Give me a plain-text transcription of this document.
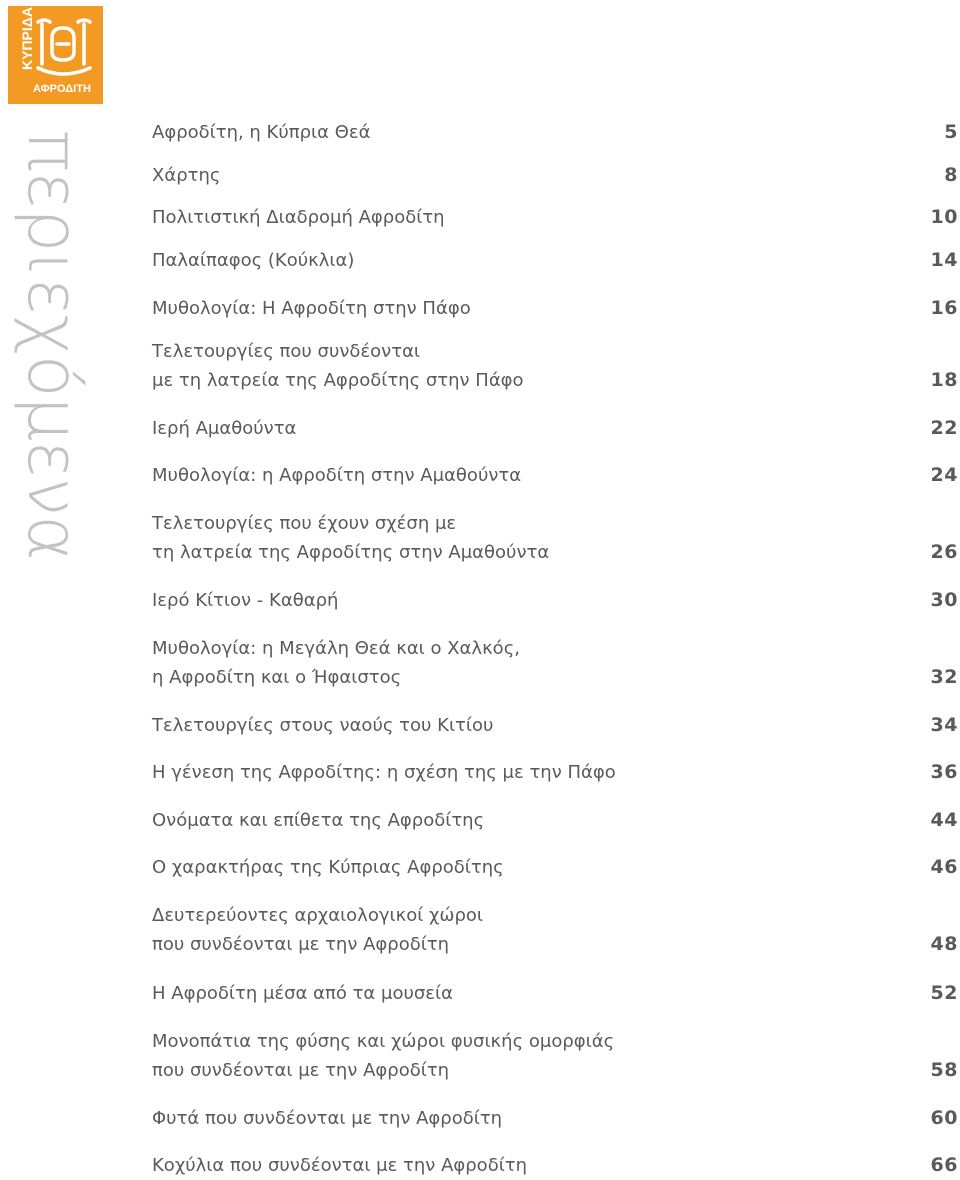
ΚΥΠΡΙΔΑ
ΑΦΡΟΔΙΤΗ
περιεχόμενα	Αφροδίτη, η Κύπρια Θεά	5
Χάρτης	8
Πολιτιστική Διαδρομή Αφροδίτη	10
Παλαίπαφος (Κούκλια)	14
Μυθολογία: Η Αφροδίτη στην Πάφο	16
Τελετουργίες που συνδέονται
με τη λατρεία της Αφροδίτης στην Πάφο	18
Ιερή Αμαθούντα	22
Μυθολογία: η Αφροδίτη στην Αμαθούντα	24
Τελετουργίες που έχουν σχέση με
τη λατρεία της Αφροδίτης στην Αμαθούντα	26
Ιερό Κίτιον - Καθαρή	30
Μυθολογία: η Μεγάλη Θεά και ο Χαλκός,
η Αφροδίτη και ο Ήφαιστος	32
Τελετουργίες στους ναούς του Κιτίου	34
Η γένεση της Αφροδίτης: η σχέση της με την Πάφο	36
Ονόματα και επίθετα της Αφροδίτης	44
Ο χαρακτήρας της Κύπριας Αφροδίτης	46
Δευτερεύοντες αρχαιολογικοί χώροι
που συνδέονται με την Αφροδίτη	48
Η Αφροδίτη μέσα από τα μουσεία	52
Μονοπάτια της φύσης και χώροι φυσικής ομορφιάς
που συνδέονται με την Αφροδίτη	58
Φυτά που συνδέονται με την Αφροδίτη	60
Κοχύλια που συνδέονται με την Αφροδίτη	66
